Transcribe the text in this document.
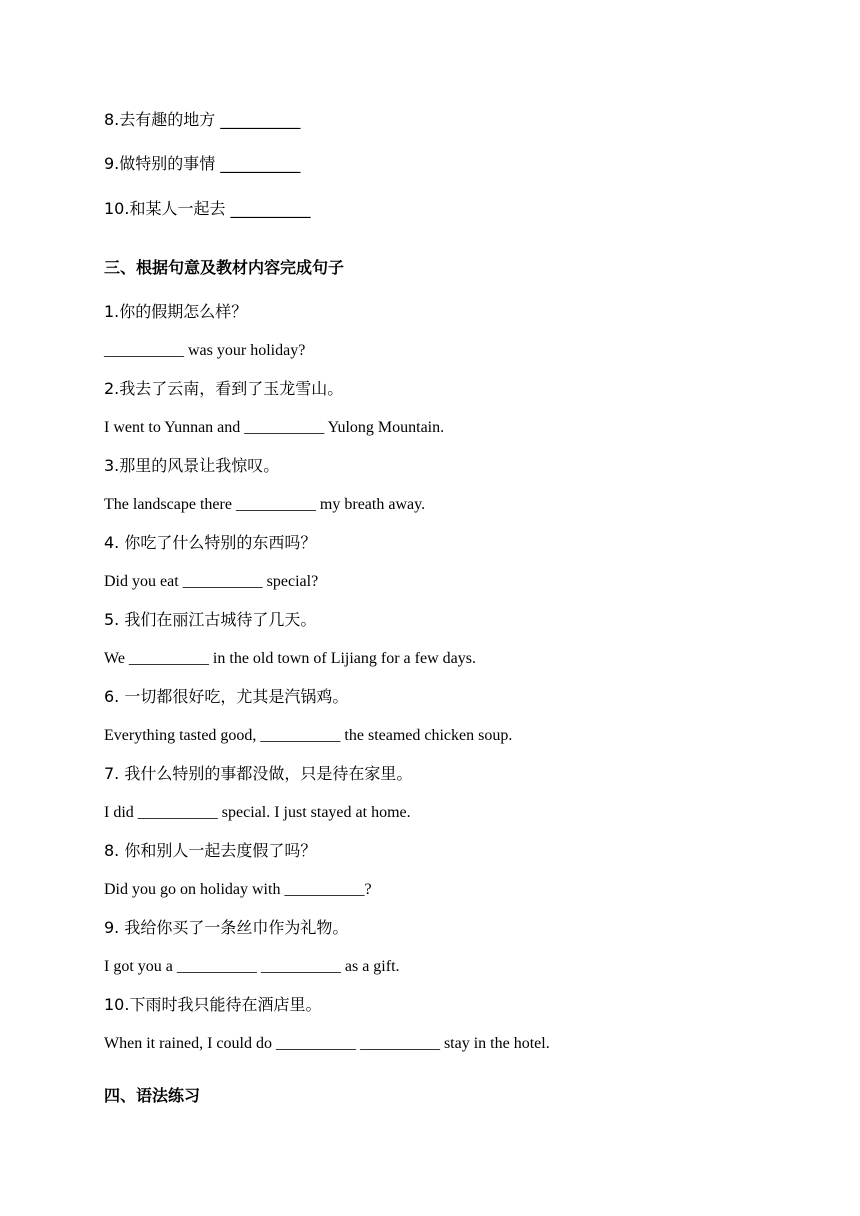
8.去有趣的地方 __________
9.做特别的事情 __________
10.和某人一起去 __________
三、根据句意及教材内容完成句子
1.你的假期怎么样？
__________ was your holiday?
2.我去了云南，看到了玉龙雪山。
I went to Yunnan and __________ Yulong Mountain.
3.那里的风景让我惊叹。
The landscape there __________ my breath away.
4. 你吃了什么特别的东西吗？
Did you eat __________ special?
5. 我们在丽江古城待了几天。
We __________ in the old town of Lijiang for a few days.
6. 一切都很好吃，尤其是汽锅鸡。
Everything tasted good, __________ the steamed chicken soup.
7. 我什么特别的事都没做，只是待在家里。
I did __________ special. I just stayed at home.
8. 你和别人一起去度假了吗？
Did you go on holiday with __________?
9. 我给你买了一条丝巾作为礼物。
I got you a __________ __________ as a gift.
10.下雨时我只能待在酒店里。
When it rained, I could do __________ __________ stay in the hotel.
四、语法练习
